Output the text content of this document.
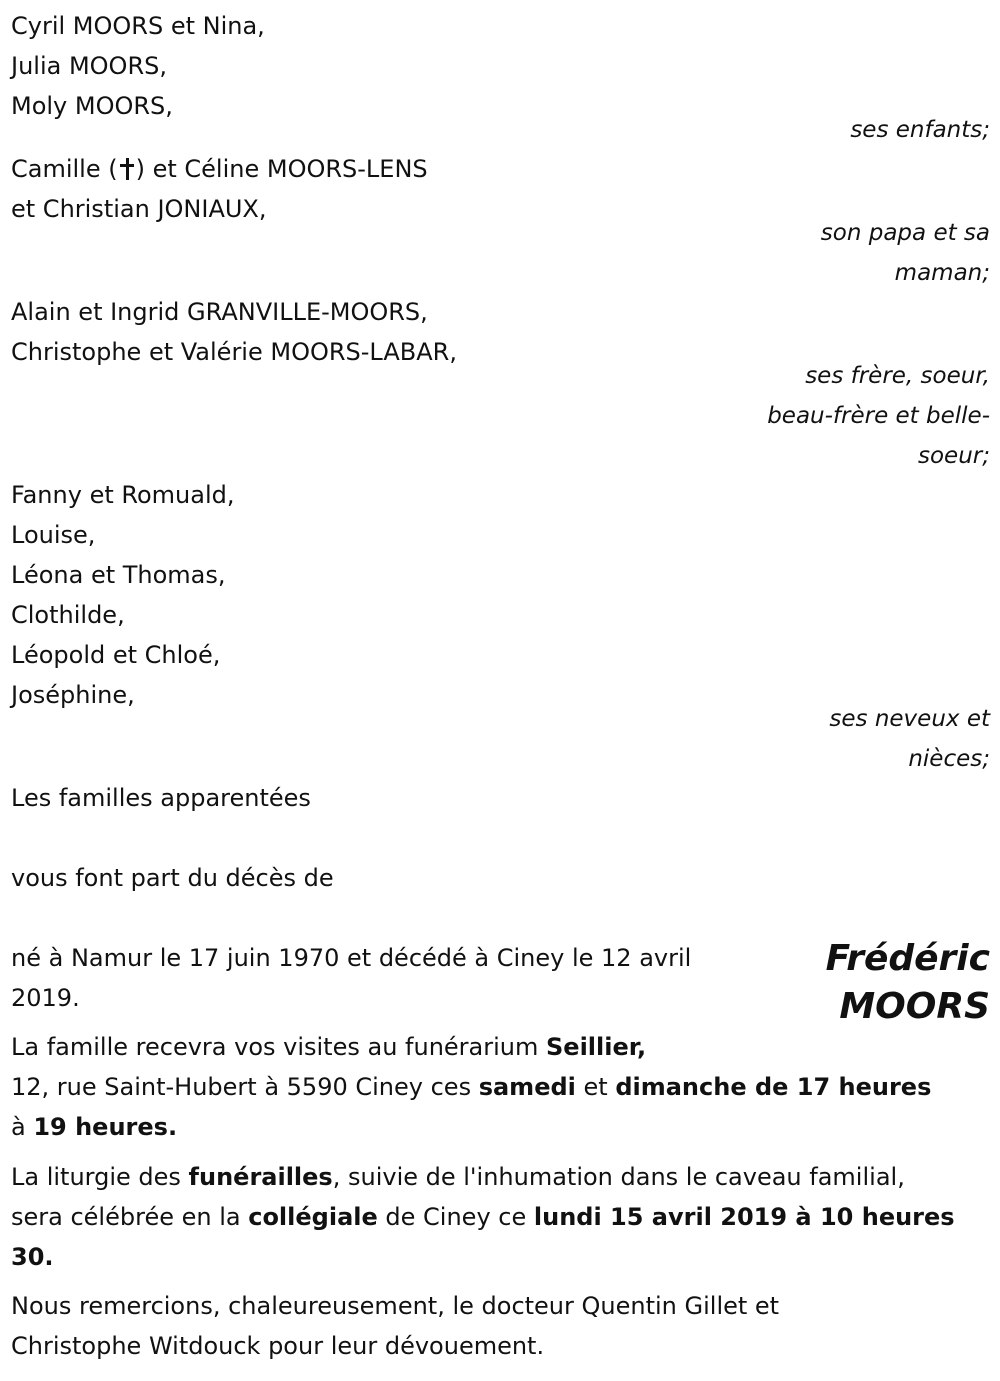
Cyril MOORS et Nina,
Julia MOORS,
Moly MOORS,
ses enfants;
Camille ( ) et Céline MOORS-LENS
et Christian JONIAUX,
son papa et sa
maman;
Alain et Ingrid GRANVILLE-MOORS,
Christophe et Valérie MOORS-LABAR,
ses frère, soeur,
beau-frère et belle-
soeur;
Fanny et Romuald,
Louise,
Léona et Thomas,
Clothilde,
Léopold et Chloé,
Joséphine,
ses neveux et
nièces;
Les familles apparentées
vous font part du décès de
Frédéric
MOORS
né à Namur le 17 juin 1970 et décédé à Ciney le 12 avril
2019.
La famille recevra vos visites au funérarium Seillier,
12, rue Saint-Hubert à 5590 Ciney ces samedi et dimanche de 17 heures
à 19 heures.
La liturgie des funérailles, suivie de l'inhumation dans le caveau familial,
sera célébrée en la collégiale de Ciney ce lundi 15 avril 2019 à 10 heures
30.
Nous remercions, chaleureusement, le docteur Quentin Gillet et
Christophe Witdouck pour leur dévouement.
